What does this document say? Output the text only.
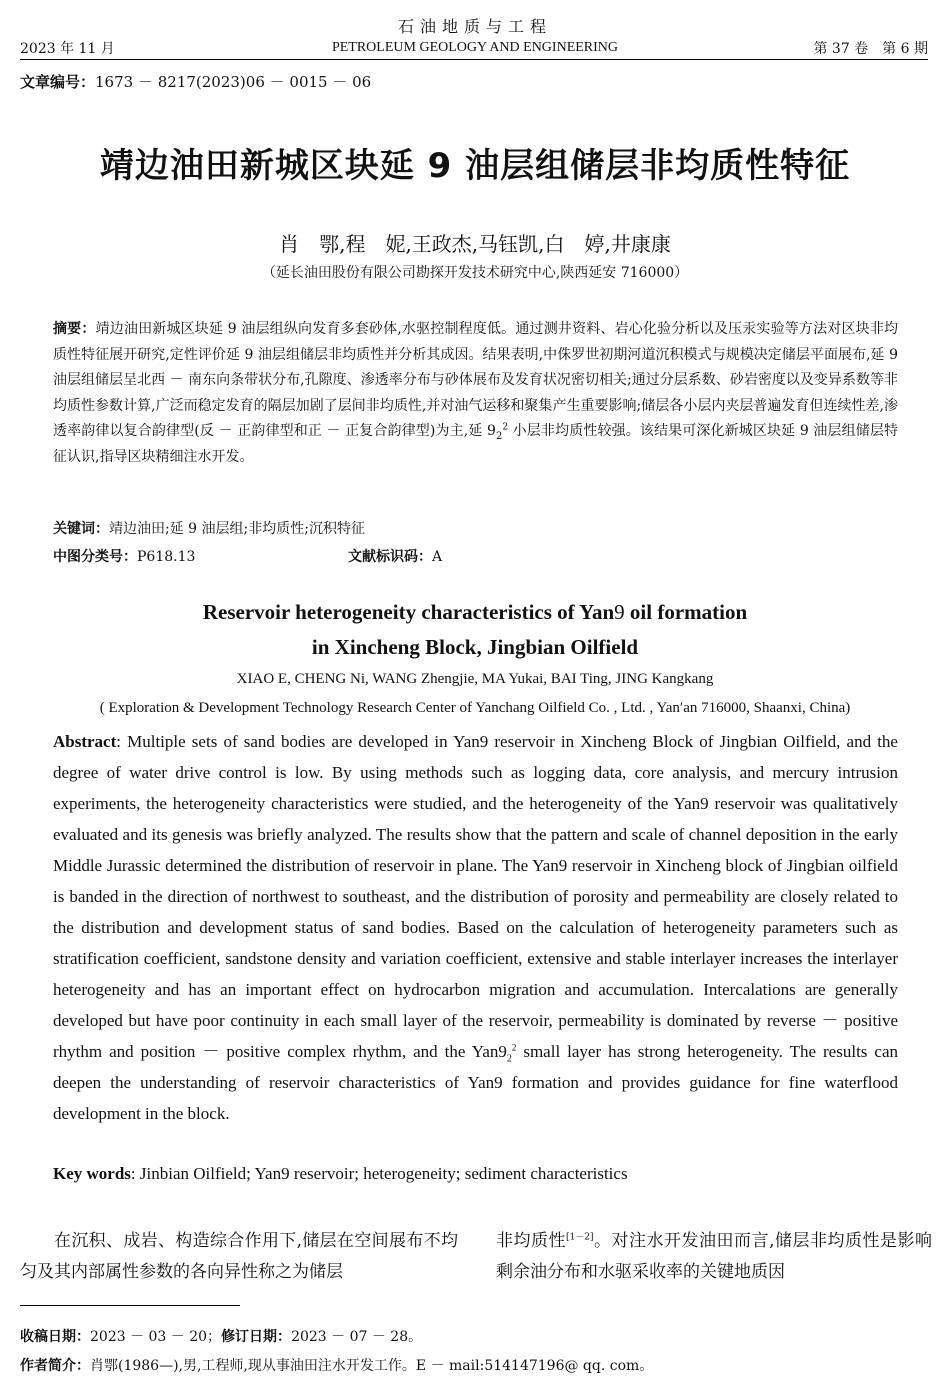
石油地质与工程
2023 年 11 月	PETROLEUM GEOLOGY AND ENGINEERING	第 37 卷　第 6 期
文章编号：1673 － 8217(2023)06 － 0015 － 06
靖边油田新城区块延 9 油层组储层非均质性特征
肖　鄂,程　妮,王政杰,马钰凯,白　婷,井康康
（延长油田股份有限公司勘探开发技术研究中心,陕西延安 716000）
摘要：靖边油田新城区块延 9 油层组纵向发育多套砂体,水驱控制程度低。通过测井资料、岩心化验分析以及压汞实验等方法对区块非均质性特征展开研究,定性评价延 9 油层组储层非均质性并分析其成因。结果表明,中侏罗世初期河道沉积模式与规模决定储层平面展布,延 9 油层组储层呈北西 － 南东向条带状分布,孔隙度、渗透率分布与砂体展布及发育状况密切相关;通过分层系数、砂岩密度以及变异系数等非均质性参数计算,广泛而稳定发育的隔层加剧了层间非均质性,并对油气运移和聚集产生重要影响;储层各小层内夹层普遍发育但连续性差,渗透率韵律以复合韵律型(反 － 正韵律型和正 － 正复合韵律型)为主,延 $9_2^2$ 小层非均质性较强。该结果可深化新城区块延 9 油层组储层特征认识,指导区块精细注水开发。
关键词：靖边油田;延 9 油层组;非均质性;沉积特征
中图分类号：P618.13	文献标识码：A
Reservoir heterogeneity characteristics of Yan9 oil formation
in Xincheng Block, Jingbian Oilfield
XIAO E, CHENG Ni, WANG Zhengjie, MA Yukai, BAI Ting, JING Kangkang
( Exploration & Development Technology Research Center of Yanchang Oilfield Co. , Ltd. , Yan′an 716000, Shaanxi, China)
Abstract: Multiple sets of sand bodies are developed in Yan9 reservoir in Xincheng Block of Jingbian Oilfield, and the degree of water drive control is low. By using methods such as logging data, core analysis, and mercury intrusion experiments, the heterogeneity characteristics were studied, and the heterogeneity of the Yan9 reservoir was qualitatively evaluated and its genesis was briefly analyzed. The results show that the pattern and scale of channel deposition in the early Middle Jurassic determined the distribution of reservoir in plane. The Yan9 reservoir in Xincheng block of Jingbian oilfield is banded in the direction of northwest to southeast, and the distribution of porosity and permeability are closely related to the distribution and development status of sand bodies. Based on the calculation of heterogeneity parameters such as stratification coefficient, sandstone density and variation coefficient, extensive and stable interlayer increases the interlayer heterogeneity and has an important effect on hydrocarbon migration and accumulation. Intercalations are generally developed but have poor continuity in each small layer of the reservoir, permeability is dominated by reverse － positive rhythm and position － positive complex rhythm, and the $Yan9_2^2$ small layer has strong heterogeneity. The results can deepen the understanding of reservoir characteristics of Yan9 formation and provides guidance for fine waterflood development in the block.
Key words: Jinbian Oilfield; Yan9 reservoir; heterogeneity; sediment characteristics

在沉积、成岩、构造综合作用下,储层在空间展布不均匀及其内部属性参数的各向异性称之为储层

非均质性[1－2]。对注水开发油田而言,储层非均质性是影响剩余油分布和水驱采收率的关键地质因

收稿日期：2023 － 03 － 20；修订日期：2023 － 07 － 28。
作者简介：肖鄂(1986—),男,工程师,现从事油田注水开发工作。E － mail:514147196@ qq. com。
